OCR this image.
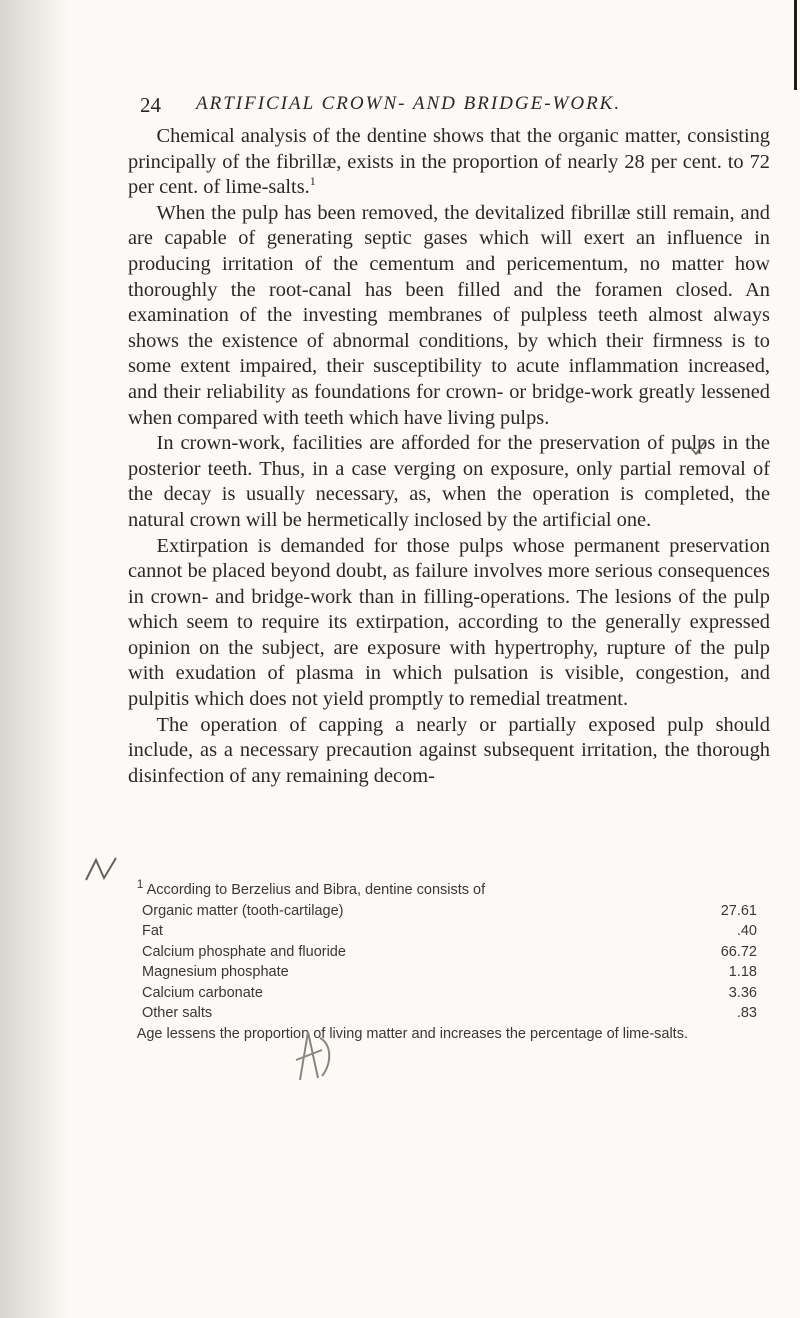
24 ARTIFICIAL CROWN- AND BRIDGE-WORK.

Chemical analysis of the dentine shows that the organic matter, consisting principally of the fibrillæ, exists in the proportion of nearly 28 per cent. to 72 per cent. of lime-salts.$^1$

When the pulp has been removed, the devitalized fibrillæ still remain, and are capable of generating septic gases which will exert an influence in producing irritation of the cementum and pericementum, no matter how thoroughly the root-canal has been filled and the foramen closed. An examination of the investing membranes of pulpless teeth almost always shows the existence of abnormal conditions, by which their firmness is to some extent impaired, their susceptibility to acute inflammation increased, and their reliability as foundations for crown- or bridge-work greatly lessened when compared with teeth which have living pulps.

In crown-work, facilities are afforded for the preservation of pulps in the posterior teeth. Thus, in a case verging on exposure, only partial removal of the decay is usually necessary, as, when the operation is completed, the natural crown will be hermetically inclosed by the artificial one.

Extirpation is demanded for those pulps whose permanent preservation cannot be placed beyond doubt, as failure involves more serious consequences in crown- and bridge-work than in filling-operations. The lesions of the pulp which seem to require its extirpation, according to the generally expressed opinion on the subject, are exposure with hypertrophy, rupture of the pulp with exudation of plasma in which pulsation is visible, congestion, and pulpitis which does not yield promptly to remedial treatment.

The operation of capping a nearly or partially exposed pulp should include, as a necessary precaution against subsequent irritation, the thorough disinfection of any remaining decom-

$^1$ According to Berzelius and Bibra, dentine consists of

Organic matter (tooth-cartilage)	27.61
Fat	.40
Calcium phosphate and fluoride	66.72
Magnesium phosphate	1.18
Calcium carbonate	3.36
Other salts	.83

Age lessens the proportion of living matter and increases the percentage of lime-salts.
